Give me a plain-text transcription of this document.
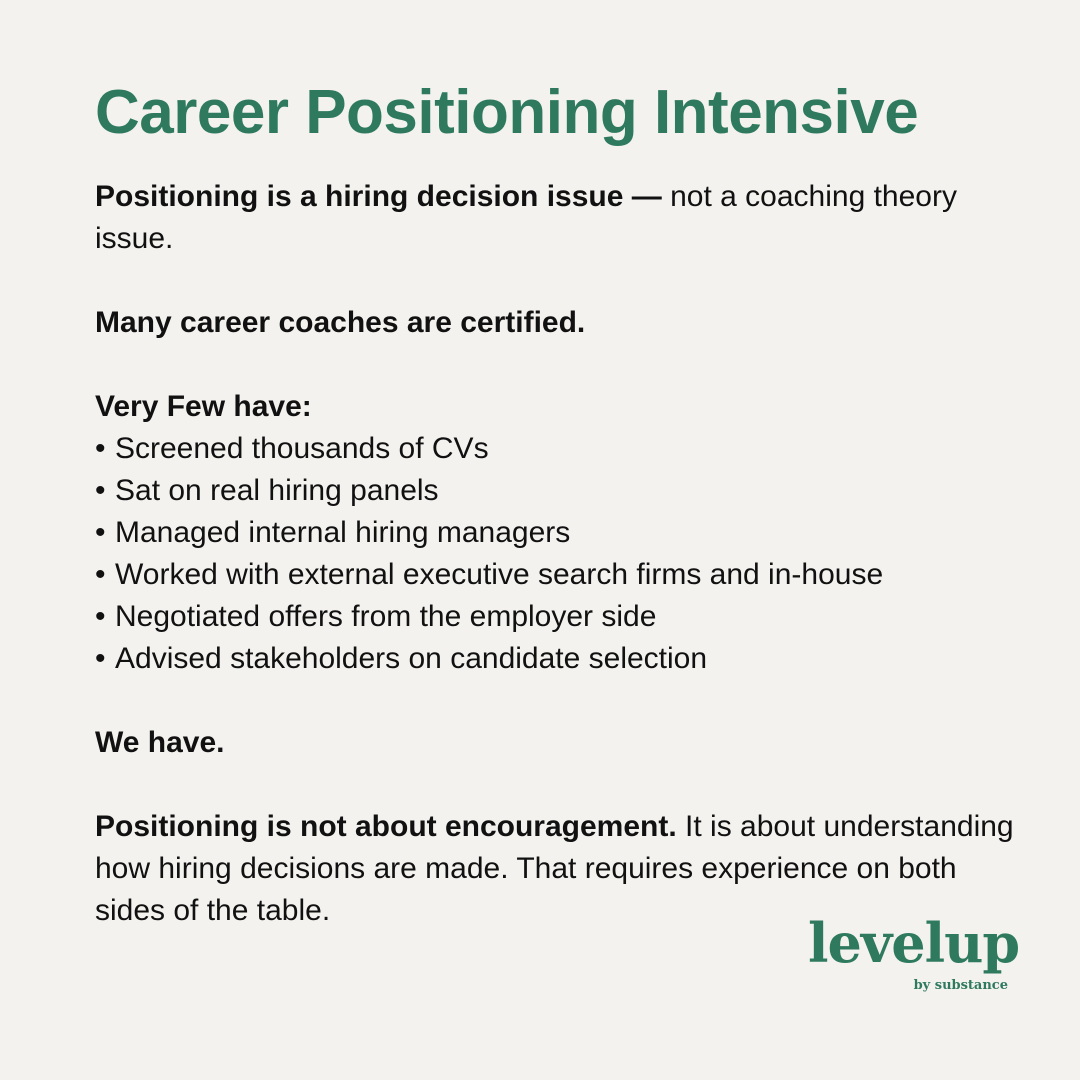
Career Positioning Intensive
Positioning is a hiring decision issue — not a coaching theory issue.
Many career coaches are certified.
Very Few have:
• Screened thousands of CVs
• Sat on real hiring panels
• Managed internal hiring managers
• Worked with external executive search firms and in-house
• Negotiated offers from the employer side
• Advised stakeholders on candidate selection
We have.
Positioning is not about encouragement. It is about understanding how hiring decisions are made. That requires experience on both sides of the table.
levelup
by substance
